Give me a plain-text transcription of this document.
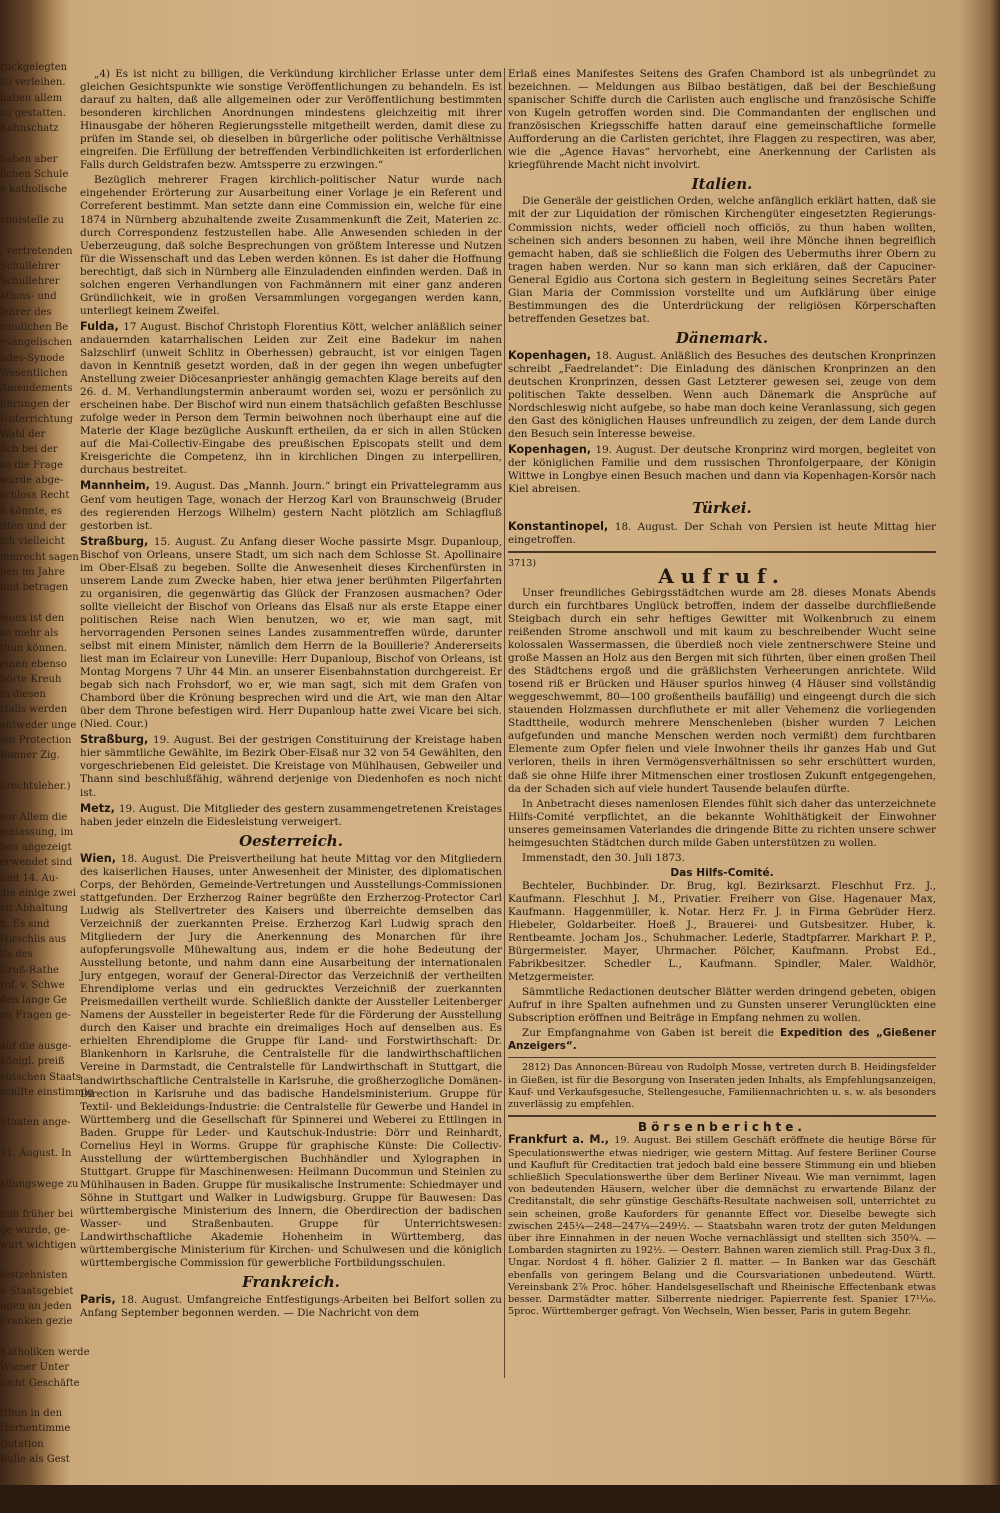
rückgelegten
zu verleihen.
haben allem
zu gestatten.
Kohnschatz

haben aber
lichen Schule
e katholische

chulstelle zu

. vertretenden
Schullehrer
Schullehrer
ations- und
lehrer des
rundichen Be
evangelischen
ndes-Synode
Wesentlichen
Amendements
ührungen der
Unterrichtung
Wahl der
fich bei der
so die Frage
wurde abge-
schloss Recht
n könnte, es
itten und der
ich vielleicht
mmrecht sagen
hen im Jahre
und betragen

leons ist den
so mehr als
thun können.
einen ebenso
hörte Kreuh
in diesen
rfalls werden
entweder unge
ien Protection
Bonner Zig.

urechtsleher.)

vor Allem die
amlassung, im
hen angezeigt
erwendet sind
und 14. Au-
die einige zwei
en Abhaltung
h. Es sind
Hirschlis aus
ifs des
Groß-Rathe
rof. v. Schwe
den lange Ge
en Fragen ge-

auf die ausge-
königl. preiß
eutschen Staats
schlfte einstimmig

Staaten ange-

11. August. In

allungswege zu

nun früher bei
ge wurde, ge-
wart wichtigen

festzehnisten
n Staatsgebiet
ngen an jeden
Franken gezie

Katholiken werde
Wiener Unter
nicht Geschäfte

Ithun in den
Herhentimme
Dotation
Bulle als Gest

vereinigung, mit
Papftes anzune

„4) Es ist nicht zu billigen, die Verkündung kirchlicher Erlasse unter dem gleichen Gesichtspunkte wie sonstige Veröffentlichungen zu behandeln. Es ist darauf zu halten, daß alle allgemeinen oder zur Veröffentlichung bestimmten besonderen kirchlichen Anordnungen mindestens gleichzeitig mit ihrer Hinausgabe der höheren Regierungsstelle mitgetheilt werden, damit diese zu prüfen im Stande sei, ob dieselben in bürgerliche oder politische Verhältnisse eingreifen. Die Erfüllung der betreffenden Verbindlichkeiten ist erforderlichen Falls durch Geldstrafen bezw. Amtssperre zu erzwingen.“

Bezüglich mehrerer Fragen kirchlich-politischer Natur wurde nach eingehender Erörterung zur Ausarbeitung einer Vorlage je ein Referent und Correferent bestimmt. Man setzte dann eine Commission ein, welche für eine 1874 in Nürnberg abzuhaltende zweite Zusammenkunft die Zeit, Materien zc. durch Correspondenz festzustellen habe. Alle Anwesenden schieden in der Ueberzeugung, daß solche Besprechungen von größtem Interesse und Nutzen für die Wissenschaft und das Leben werden können. Es ist daher die Hoffnung berechtigt, daß sich in Nürnberg alle Einzuladenden einfinden werden. Daß in solchen engeren Verhandlungen von Fachmännern mit einer ganz anderen Gründlichkeit, wie in großen Versammlungen vorgegangen werden kann, unterliegt keinem Zweifel.

Fulda, 17 August. Bischof Christoph Florentius Kött, welcher anläßlich seiner andauernden katarrhalischen Leiden zur Zeit eine Badekur im nahen Salzschlirf (unweit Schlitz in Oberhessen) gebraucht, ist vor einigen Tagen davon in Kenntniß gesetzt worden, daß in der gegen ihn wegen unbefugter Anstellung zweier Diöcesanpriester anhängig gemachten Klage bereits auf den 26. d. M. Verhandlungstermin anberaumt worden sei, wozu er persönlich zu erscheinen habe. Der Bischof wird nun einem thatsächlich gefaßten Beschlusse zufolge weder in Person dem Termin beiwohnen noch überhaupt eine auf die Materie der Klage bezügliche Auskunft ertheilen, da er sich in allen Stücken auf die Mai-Collectiv-Eingabe des preußischen Episcopats stellt und dem Kreisgerichte die Competenz, ihn in kirchlichen Dingen zu interpelliren, durchaus bestreitet.

Mannheim, 19. August. Das „Mannh. Journ.“ bringt ein Privattelegramm aus Genf vom heutigen Tage, wonach der Herzog Karl von Braunschweig (Bruder des regierenden Herzogs Wilhelm) gestern Nacht plötzlich am Schlagfluß gestorben ist.

Straßburg, 15. August. Zu Anfang dieser Woche passirte Msgr. Dupanloup, Bischof von Orleans, unsere Stadt, um sich nach dem Schlosse St. Apollinaire im Ober-Elsaß zu begeben. Sollte die Anwesenheit dieses Kirchenfürsten in unserem Lande zum Zwecke haben, hier etwa jener berühmten Pilgerfahrten zu organisiren, die gegenwärtig das Glück der Franzosen ausmachen? Oder sollte vielleicht der Bischof von Orleans das Elsaß nur als erste Etappe einer politischen Reise nach Wien benutzen, wo er, wie man sagt, mit hervorragenden Personen seines Landes zusammentreffen würde, darunter selbst mit einem Minister, nämlich dem Herrn de la Bouillerie? Andererseits liest man im Eclaireur von Luneville: Herr Dupanloup, Bischof von Orleans, ist Montag Morgens 7 Uhr 44 Min. an unserer Eisenbahnstation durchgereist. Er begab sich nach Frohsdorf, wo er, wie man sagt, sich mit dem Grafen von Chambord über die Krönung besprechen wird und die Art, wie man den Altar über dem Throne befestigen wird. Herr Dupanloup hatte zwei Vicare bei sich. (Nied. Cour.)

Straßburg, 19. August. Bei der gestrigen Constituirung der Kreistage haben hier sämmtliche Gewählte, im Bezirk Ober-Elsaß nur 32 von 54 Gewählten, den vorgeschriebenen Eid geleistet. Die Kreistage von Mühlhausen, Gebweiler und Thann sind beschlußfähig, während derjenige von Diedenhofen es noch nicht ist.

Metz, 19. August. Die Mitglieder des gestern zusammengetretenen Kreistages haben jeder einzeln die Eidesleistung verweigert.

Oesterreich.

Wien, 18. August. Die Preisvertheilung hat heute Mittag vor den Mitgliedern des kaiserlichen Hauses, unter Anwesenheit der Minister, des diplomatischen Corps, der Behörden, Gemeinde-Vertretungen und Ausstellungs-Commissionen stattgefunden. Der Erzherzog Rainer begrüßte den Erzherzog-Protector Carl Ludwig als Stellvertreter des Kaisers und überreichte demselben das Verzeichniß der zuerkannten Preise. Erzherzog Karl Ludwig sprach den Mitgliedern der Jury die Anerkennung des Monarchen für ihre aufopferungsvolle Mühewaltung aus, indem er die hohe Bedeutung der Ausstellung betonte, und nahm dann eine Ausarbeitung der internationalen Jury entgegen, worauf der General-Director das Verzeichniß der vertheilten Ehrendiplome verlas und ein gedrucktes Verzeichniß der zuerkannten Preismedaillen vertheilt wurde. Schließlich dankte der Aussteller Leitenberger Namens der Aussteller in begeisterter Rede für die Förderung der Ausstellung durch den Kaiser und brachte ein dreimaliges Hoch auf denselben aus. Es erhielten Ehrendiplome die Gruppe für Land- und Forstwirthschaft: Dr. Blankenhorn in Karlsruhe, die Centralstelle für die landwirthschaftlichen Vereine in Darmstadt, die Centralstelle für Landwirthschaft in Stuttgart, die landwirthschaftliche Centralstelle in Karlsruhe, die großherzogliche Domänen-Direction in Karlsruhe und das badische Handelsministerium. Gruppe für Textil- und Bekleidungs-Industrie: die Centralstelle für Gewerbe und Handel in Württemberg und die Gesellschaft für Spinnerei und Weberei zu Ettlingen in Baden. Gruppe für Leder- und Kautschuk-Industrie: Dörr und Reinhardt, Cornelius Heyl in Worms. Gruppe für graphische Künste: Die Collectiv-Ausstellung der württembergischen Buchhändler und Xylographen in Stuttgart. Gruppe für Maschinenwesen: Heilmann Ducommun und Steinlen zu Mühlhausen in Baden. Gruppe für musikalische Instrumente: Schiedmayer und Söhne in Stuttgart und Walker in Ludwigsburg. Gruppe für Bauwesen: Das württembergische Ministerium des Innern, die Oberdirection der badischen Wasser- und Straßenbauten. Gruppe für Unterrichtswesen: Landwirthschaftliche Akademie Hohenheim in Württemberg, das württembergische Ministerium für Kirchen- und Schulwesen und die königlich württembergische Commission für gewerbliche Fortbildungsschulen.

Frankreich.

Paris, 18. August. Umfangreiche Entfestigungs-Arbeiten bei Belfort sollen zu Anfang September begonnen werden. — Die Nachricht von dem

Erlaß eines Manifestes Seitens des Grafen Chambord ist als unbegründet zu bezeichnen. — Meldungen aus Bilbao bestätigen, daß bei der Beschießung spanischer Schiffe durch die Carlisten auch englische und französische Schiffe von Kugeln getroffen worden sind. Die Commandanten der englischen und französischen Kriegsschiffe hatten darauf eine gemeinschaftliche formelle Aufforderung an die Carlisten gerichtet, ihre Flaggen zu respectiren, was aber, wie die „Agence Havas“ hervorhebt, eine Anerkennung der Carlisten als kriegführende Macht nicht involvirt.

Italien.

Die Generäle der geistlichen Orden, welche anfänglich erklärt hatten, daß sie mit der zur Liquidation der römischen Kirchengüter eingesetzten Regierungs-Commission nichts, weder officiell noch officiös, zu thun haben wollten, scheinen sich anders besonnen zu haben, weil ihre Mönche ihnen begreiflich gemacht haben, daß sie schließlich die Folgen des Uebermuths ihrer Obern zu tragen haben werden. Nur so kann man sich erklären, daß der Capuciner-General Egidio aus Cortona sich gestern in Begleitung seines Secretärs Pater Gian Maria der Commission vorstellte und um Aufklärung über einige Bestimmungen des die Unterdrückung der religiösen Körperschaften betreffenden Gesetzes bat.

Dänemark.

Kopenhagen, 18. August. Anläßlich des Besuches des deutschen Kronprinzen schreibt „Faedrelandet“: Die Einladung des dänischen Kronprinzen an den deutschen Kronprinzen, dessen Gast Letzterer gewesen sei, zeuge von dem politischen Takte desselben. Wenn auch Dänemark die Ansprüche auf Nordschleswig nicht aufgebe, so habe man doch keine Veranlassung, sich gegen den Gast des königlichen Hauses unfreundlich zu zeigen, der dem Lande durch den Besuch sein Interesse beweise.

Kopenhagen, 19. August. Der deutsche Kronprinz wird morgen, begleitet von der königlichen Familie und dem russischen Thronfolgerpaare, der Königin Wittwe in Longbye einen Besuch machen und dann via Kopenhagen-Korsör nach Kiel abreisen.

Türkei.

Konstantinopel, 18. August. Der Schah von Persien ist heute Mittag hier eingetroffen.

3713)
Aufruf.

Unser freundliches Gebirgsstädtchen wurde am 28. dieses Monats Abends durch ein furchtbares Unglück betroffen, indem der dasselbe durchfließende Steigbach durch ein sehr heftiges Gewitter mit Wolkenbruch zu einem reißenden Strome anschwoll und mit kaum zu beschreibender Wucht seine kolossalen Wassermassen, die überdieß noch viele zentnerschwere Steine und große Massen an Holz aus den Bergen mit sich führten, über einen großen Theil des Städtchens ergoß und die gräßlichsten Verheerungen anrichtete. Wild tosend riß er Brücken und Häuser spurlos hinweg (4 Häuser sind vollständig weggeschwemmt, 80—100 großentheils baufällig) und eingeengt durch die sich stauenden Holzmassen durchfluthete er mit aller Vehemenz die vorliegenden Stadttheile, wodurch mehrere Menschenleben (bisher wurden 7 Leichen aufgefunden und manche Menschen werden noch vermißt) dem furchtbaren Elemente zum Opfer fielen und viele Inwohner theils ihr ganzes Hab und Gut verloren, theils in ihren Vermögensverhältnissen so sehr erschüttert wurden, daß sie ohne Hilfe ihrer Mitmenschen einer trostlosen Zukunft entgegengehen, da der Schaden sich auf viele hundert Tausende belaufen dürfte.

In Anbetracht dieses namenlosen Elendes fühlt sich daher das unterzeichnete Hilfs-Comité verpflichtet, an die bekannte Wohlthätigkeit der Einwohner unseres gemeinsamen Vaterlandes die dringende Bitte zu richten unsere schwer heimgesuchten Städtchen durch milde Gaben unterstützen zu wollen.

Immenstadt, den 30. Juli 1873.

Das Hilfs-Comité.

Bechteler, Buchbinder. Dr. Brug, kgl. Bezirksarzt. Fleschhut Frz. J., Kaufmann. Fleschhut J. M., Privatier. Freiherr von Gise. Hagenauer Max, Kaufmann. Haggenmüller, k. Notar. Herz Fr. J. in Firma Gebrüder Herz. Hiebeler, Goldarbeiter. Hoeß J., Brauerei- und Gutsbesitzer. Huber, k. Rentbeamte. Jocham Jos., Schuhmacher. Lederle, Stadtpfarrer. Markhart P. P., Bürgermeister. Mayer, Uhrmacher. Pölcher, Kaufmann. Probst Ed., Fabrikbesitzer. Schedler L., Kaufmann. Spindler, Maler. Waldhör, Metzgermeister.

Sämmtliche Redactionen deutscher Blätter werden dringend gebeten, obigen Aufruf in ihre Spalten aufnehmen und zu Gunsten unserer Verunglückten eine Subscription eröffnen und Beiträge in Empfang nehmen zu wollen.

Zur Empfangnahme von Gaben ist bereit die Expedition des „Gießener Anzeigers“.

2812) Das Annoncen-Büreau von Rudolph Mosse, vertreten durch B. Heidingsfelder in Gießen, ist für die Besorgung von Inseraten jeden Inhalts, als Empfehlungsanzeigen, Kauf- und Verkaufsgesuche, Stellengesuche, Familiennachrichten u. s. w. als besonders zuverlässig zu empfehlen.

Börsenberichte.

Frankfurt a. M., 19. August. Bei stillem Geschäft eröffnete die heutige Börse für Speculationswerthe etwas niedriger, wie gestern Mittag. Auf festere Berliner Course und Kaufluft für Creditactien trat jedoch bald eine bessere Stimmung ein und blieben schließlich Speculationswerthe über dem Berliner Niveau. Wie man vernimmt, lagen von bedeutenden Häusern, welcher über die demnächst zu erwartende Bilanz der Creditanstalt, die sehr günstige Geschäfts-Resultate nachweisen soll, unterrichtet zu sein scheinen, große Kauforders für genannte Effect vor. Dieselbe bewegte sich zwischen 245¼—248—247¼—249½. — Staatsbahn waren trotz der guten Meldungen über ihre Einnahmen in der neuen Woche vernachlässigt und stellten sich 350¾. — Lombarden stagnirten zu 192½. — Oesterr. Bahnen waren ziemlich still. Prag-Dux 3 fl., Ungar. Nordost 4 fl. höher. Galizier 2 fl. matter. — In Banken war das Geschäft ebenfalls von geringem Belang und die Coursvariationen unbedeutend. Württ. Vereinsbank 2⅞ Proc. höher. Handelsgesellschaft und Rheinische Effectenbank etwas besser. Darmstädter matter. Silberrente niedriger. Papierrente fest. Spanier 17¹¹⁄₁₆. 5proc. Württemberger gefragt. Von Wechseln, Wien besser, Paris in gutem Begehr.
